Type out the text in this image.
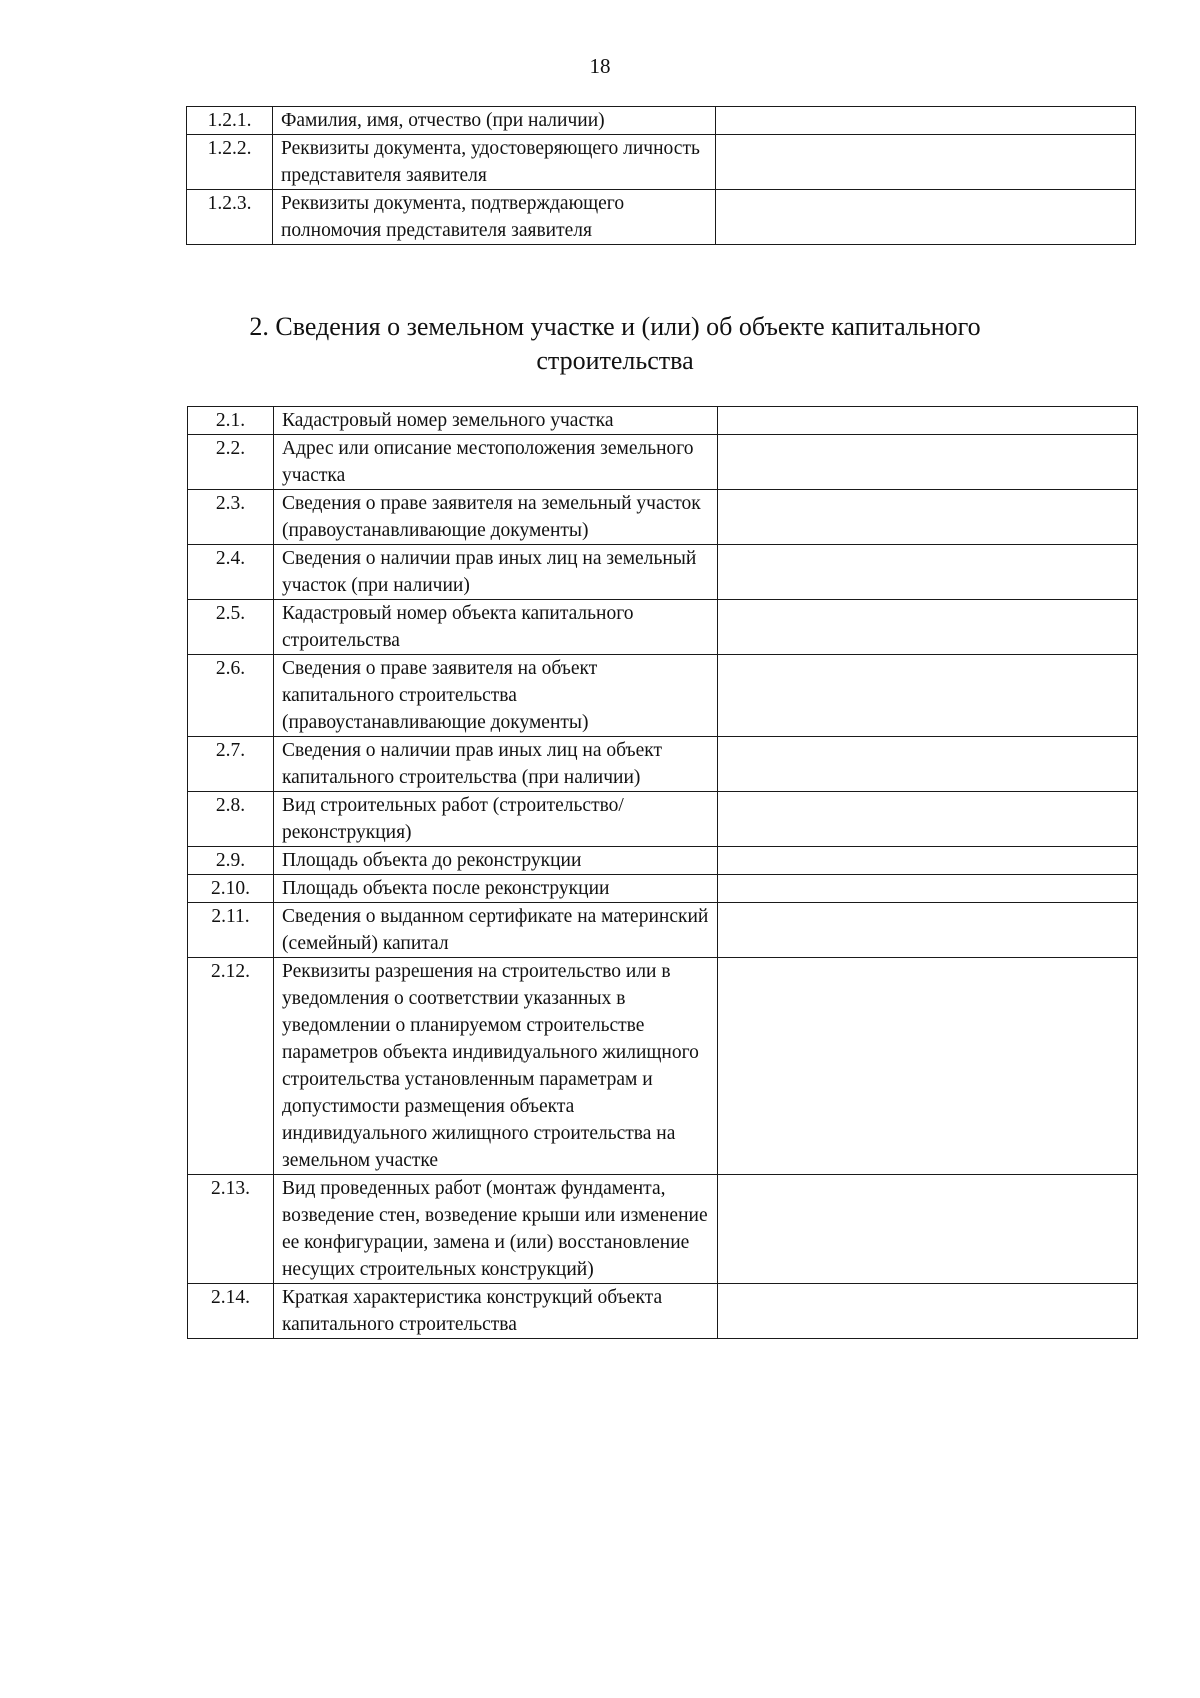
18
1.2.1.	Фамилия, имя, отчество (при наличии)	
1.2.2.	Реквизиты документа, удостоверяющего личность представителя заявителя	
1.2.3.	Реквизиты документа, подтверждающего полномочия представителя заявителя	
2. Сведения о земельном участке и (или) об объекте капитального строительства
2.1.	Кадастровый номер земельного участка	
2.2.	Адрес или описание местоположения земельного участка	
2.3.	Сведения о праве заявителя на земельный участок (правоустанавливающие документы)	
2.4.	Сведения о наличии прав иных лиц на земельный участок (при наличии)	
2.5.	Кадастровый номер объекта капитального строительства	
2.6.	Сведения о праве заявителя на объект капитального строительства (правоустанавливающие документы)	
2.7.	Сведения о наличии прав иных лиц на объект капитального строительства (при наличии)	
2.8.	Вид строительных работ (строительство/реконструкция)	
2.9.	Площадь объекта до реконструкции	
2.10.	Площадь объекта после реконструкции	
2.11.	Сведения о выданном сертификате на материнский (семейный) капитал	
2.12.	Реквизиты разрешения на строительство или в уведомления о соответствии указанных в уведомлении о планируемом строительстве параметров объекта индивидуального жилищного строительства установленным параметрам и допустимости размещения объекта индивидуального жилищного строительства на земельном участке	
2.13.	Вид проведенных работ (монтаж фундамента, возведение стен, возведение крыши или изменение ее конфигурации, замена и (или) восстановление несущих строительных конструкций)	
2.14.	Краткая характеристика конструкций объекта капитального строительства	
